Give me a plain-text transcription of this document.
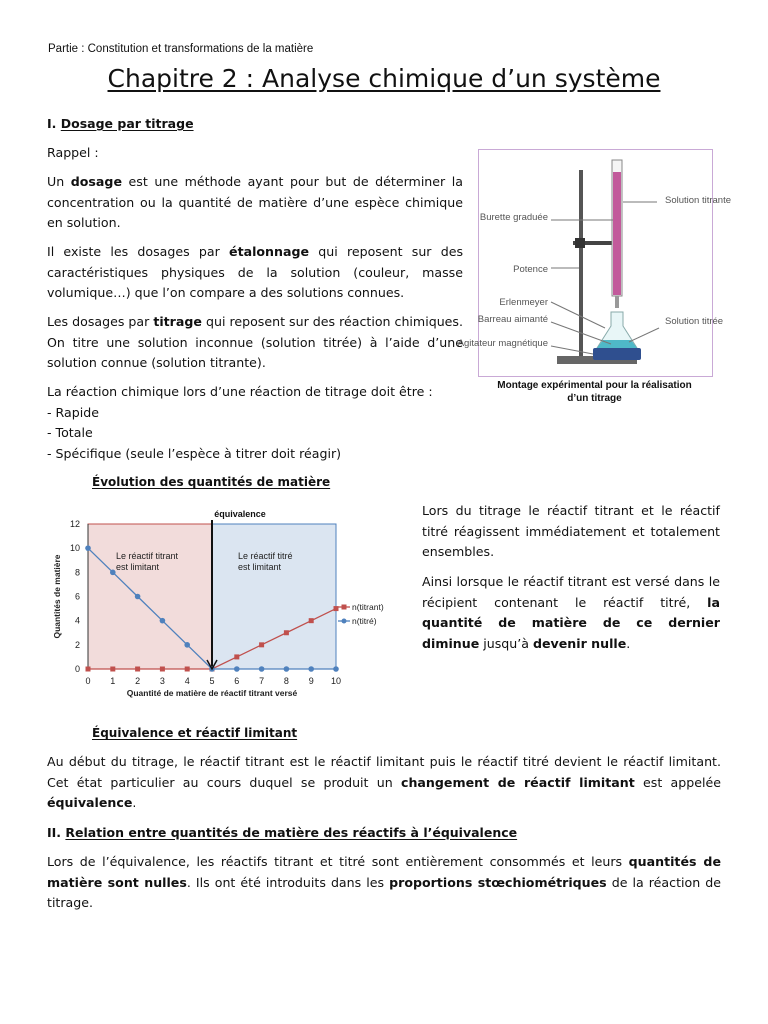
Partie : Constitution et transformations de la matière
Chapitre 2 : Analyse chimique d’un système
I. Dosage par titrage
Rappel :
Un dosage est une méthode ayant pour but de déterminer la concentration ou la quantité de matière d’une espèce chimique en solution.
Il existe les dosages par étalonnage qui reposent sur des caractéristiques physiques de la solution (couleur, masse volumique…) que l’on compare a des solutions connues.
Les dosages par titrage qui reposent sur des réaction chimiques. On titre une solution inconnue (solution titrée) à l’aide d’une solution connue (solution titrante).
La réaction chimique lors d’une réaction de titrage doit être :
- Rapide
- Totale
- Spécifique (seule l’espèce à titrer doit réagir)
Solution titrante
Burette graduée
Potence
Erlenmeyer
Barreau aimanté
Agitateur magnétique
Solution titrée
Montage expérimental pour la réalisation
d’un titrage
Évolution des quantités de matière
0
2
4
6
8
10
12
0 1 2 3 4 5 6 7 8 9 10
Quantité de matière de réactif titrant versé
Quantités de matière
équivalence
Le réactif titrant
est limitant
Le réactif titré
est limitant
n(titrant)
n(titré)
Lors du titrage le réactif titrant et le réactif titré réagissent immédiatement et totalement ensembles.
Ainsi lorsque le réactif titrant est versé dans le récipient contenant le réactif titré, la quantité de matière de ce dernier diminue jusqu’à devenir nulle.
Équivalence et réactif limitant
Au début du titrage, le réactif titrant est le réactif limitant puis le réactif titré devient le réactif limitant. Cet état particulier au cours duquel se produit un changement de réactif limitant est appelée équivalence.
II. Relation entre quantités de matière des réactifs à l’équivalence
Lors de l’équivalence, les réactifs titrant et titré sont entièrement consommés et leurs quantités de matière sont nulles. Ils ont été introduits dans les proportions stœchiométriques de la réaction de titrage.
